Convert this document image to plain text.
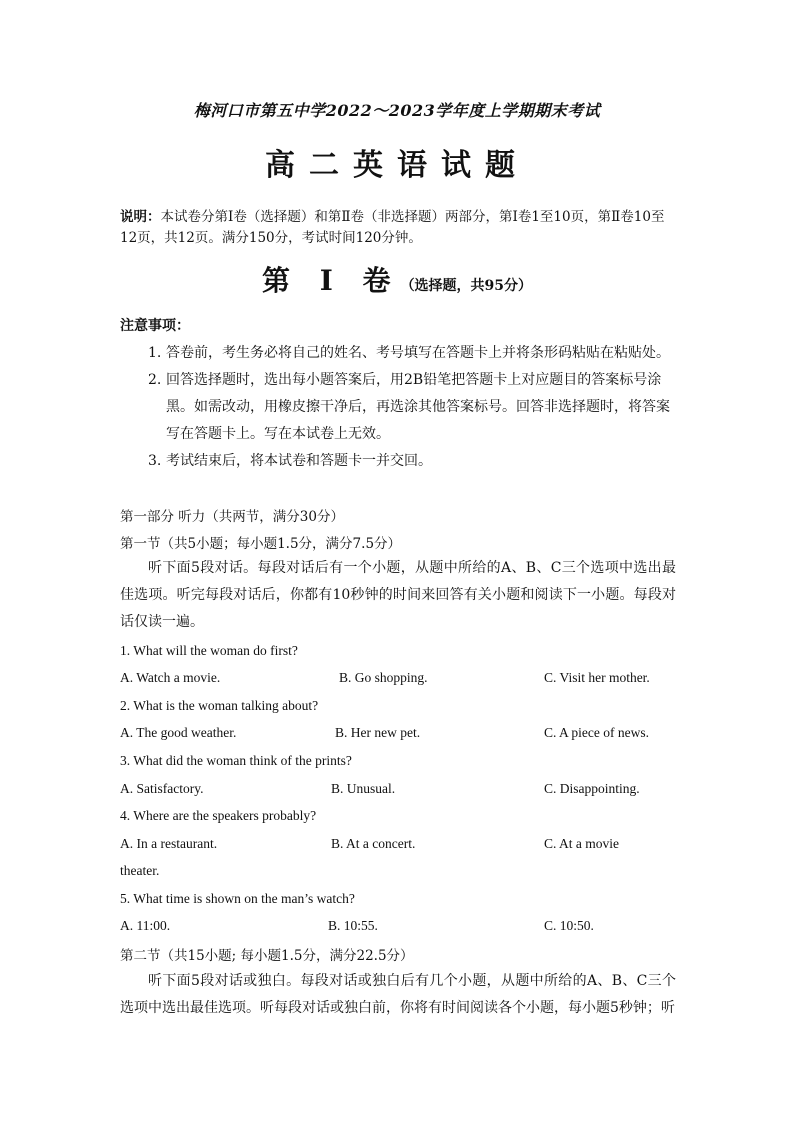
梅河口市第五中学2022～2023学年度上学期期末考试
高二英语试题
说明：本试卷分第Ⅰ卷（选择题）和第Ⅱ卷（非选择题）两部分，第Ⅰ卷1至10页，第Ⅱ卷10至12页，共12页。满分150分，考试时间120分钟。
第 Ⅰ 卷（选择题，共95分）
注意事项：
1. 答卷前，考生务必将自己的姓名、考号填写在答题卡上并将条形码粘贴在粘贴处。
2. 回答选择题时，选出每小题答案后，用2B铅笔把答题卡上对应题目的答案标号涂黑。如需改动，用橡皮擦干净后，再选涂其他答案标号。回答非选择题时，将答案写在答题卡上。写在本试卷上无效。
3. 考试结束后，将本试卷和答题卡一并交回。
第一部分 听力（共两节，满分30分）
第一节（共5小题；每小题1.5分，满分7.5分）
听下面5段对话。每段对话后有一个小题，从题中所给的A、B、C三个选项中选出最佳选项。听完每段对话后，你都有10秒钟的时间来回答有关小题和阅读下一小题。每段对话仅读一遍。
1. What will the woman do first?
A. Watch a movie.	B. Go shopping.	C. Visit her mother.
2. What is the woman talking about?
A. The good weather.	B. Her new pet.	C. A piece of news.
3. What did the woman think of the prints?
A. Satisfactory.	B. Unusual.	C. Disappointing.
4. Where are the speakers probably?
A. In a restaurant.	B. At a concert.	C. At a movie
theater.
5. What time is shown on the man’s watch?
A. 11:00.	B. 10:55.	C. 10:50.
第二节（共15小题; 每小题1.5分，满分22.5分）
听下面5段对话或独白。每段对话或独白后有几个小题，从题中所给的A、B、C三个选项中选出最佳选项。听每段对话或独白前，你将有时间阅读各个小题，每小题5秒钟；听
